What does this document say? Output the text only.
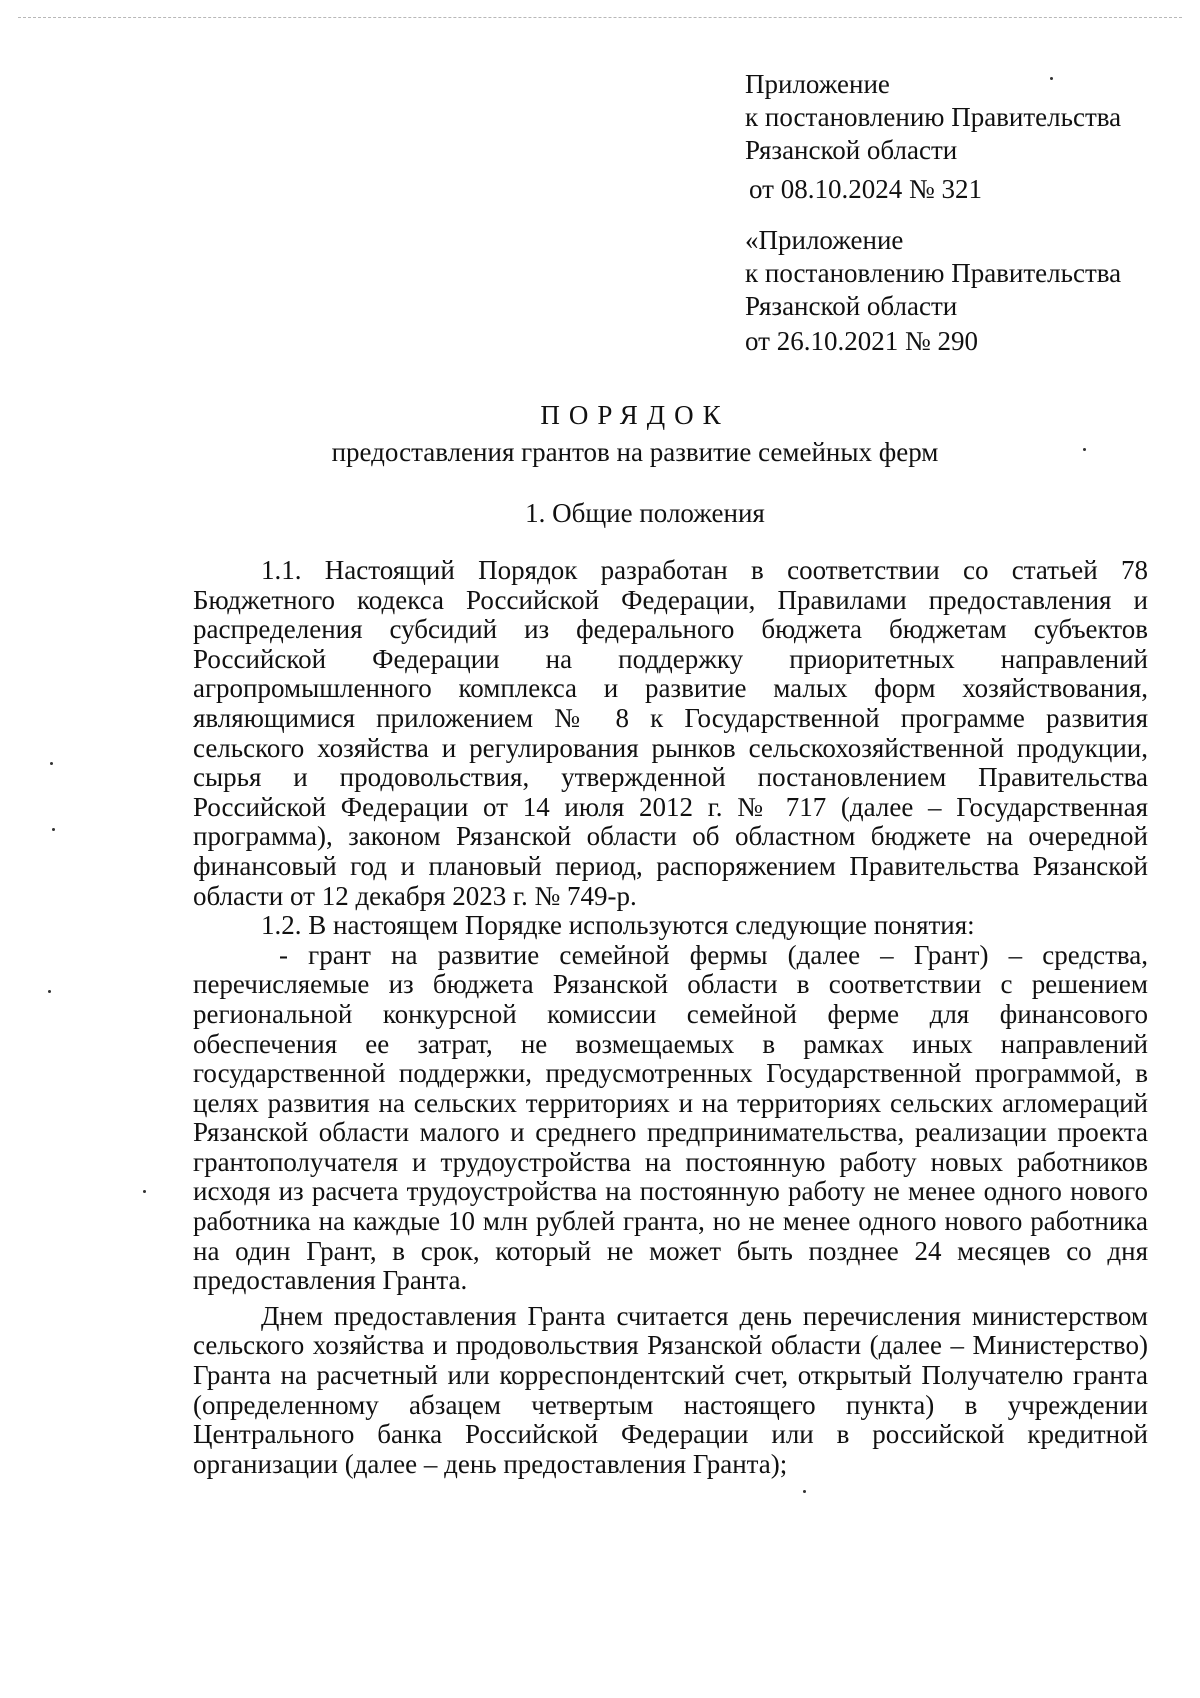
Приложение
к постановлению Правительства
Рязанской области
от 08.10.2024 № 321
«Приложение
к постановлению Правительства
Рязанской области
от 26.10.2021 № 290
ПОРЯДОК
предоставления грантов на развитие семейных ферм
1. Общие положения

1.1. Настоящий Порядок разработан в соответствии со статьей 78 Бюджетного кодекса Российской Федерации, Правилами предоставления и распределения субсидий из федерального бюджета бюджетам субъектов Российской Федерации на поддержку приоритетных направлений агропромышленного комплекса и развитие малых форм хозяйствования, являющимися приложением № 8 к Государственной программе развития сельского хозяйства и регулирования рынков сельскохозяйственной продукции, сырья и продовольствия, утвержденной постановлением Правительства Российской Федерации от 14 июля 2012 г. № 717 (далее – Государственная программа), законом Рязанской области об областном бюджете на очередной финансовый год и плановый период, распоряжением Правительства Рязанской области от 12 декабря 2023 г. № 749-р.

1.2. В настоящем Порядке используются следующие понятия:

- грант на развитие семейной фермы (далее – Грант) – средства, перечисляемые из бюджета Рязанской области в соответствии с решением региональной конкурсной комиссии семейной ферме для финансового обеспечения ее затрат, не возмещаемых в рамках иных направлений государственной поддержки, предусмотренных Государственной программой, в целях развития на сельских территориях и на территориях сельских агломераций Рязанской области малого и среднего предпринимательства, реализации проекта грантополучателя и трудоустройства на постоянную работу новых работников исходя из расчета трудоустройства на постоянную работу не менее одного нового работника на каждые 10 млн рублей гранта, но не менее одного нового работника на один Грант, в срок, который не может быть позднее 24 месяцев со дня предоставления Гранта.

Днем предоставления Гранта считается день перечисления министерством сельского хозяйства и продовольствия Рязанской области (далее – Министерство) Гранта на расчетный или корреспондентский счет, открытый Получателю гранта (определенному абзацем четвертым настоящего пункта) в учреждении Центрального банка Российской Федерации или в российской кредитной организации (далее – день предоставления Гранта);
